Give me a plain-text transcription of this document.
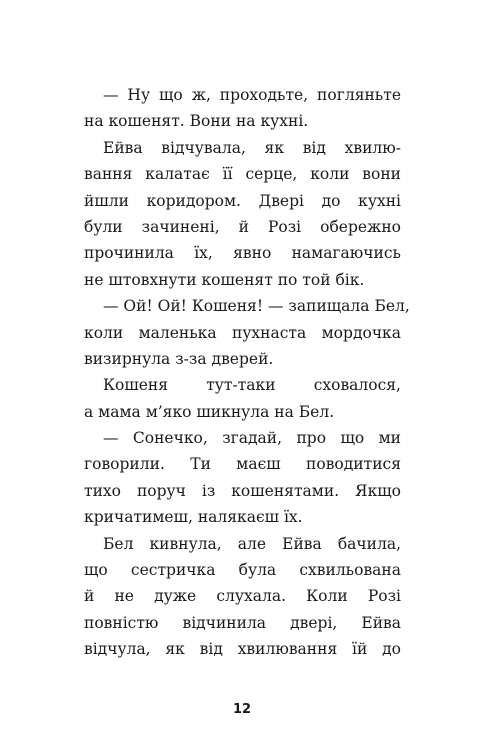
— Ну що ж, проходьте, погляньте
на кошенят. Вони на кухні.
Ейва відчувала, як від хвилю-
вання калатає її серце, коли вони
йшли коридором. Двері до кухні
були зачинені, й Розі обережно
прочинила їх, явно намагаючись
не штовхнути кошенят по той бік.
— Ой! Ой! Кошеня! — запищала Бел,
коли маленька пухнаста мордочка
визирнула з-за дверей.
Кошеня тут-таки сховалося,
а мама м’яко шикнула на Бел.
— Сонечко, згадай, про що ми
говорили. Ти маєш поводитися
тихо поруч із кошенятами. Якщо
кричатимеш, налякаєш їх.
Бел кивнула, але Ейва бачила,
що сестричка була схвильована
й не дуже слухала. Коли Розі
повністю відчинила двері, Ейва
відчула, як від хвилювання їй до
12
